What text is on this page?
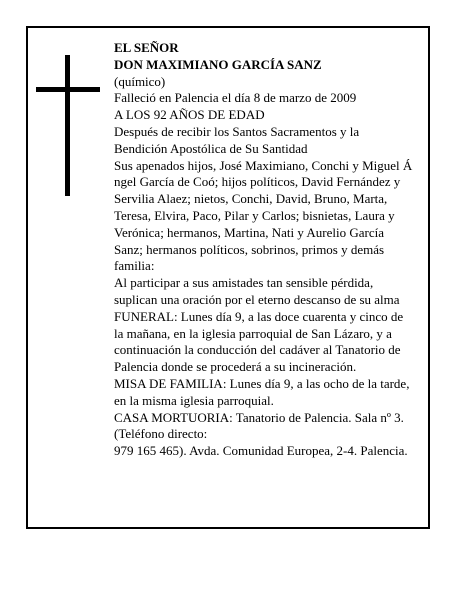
EL SEÑOR

DON MAXIMIANO GARCÍA SANZ

(químico)

Falleció en Palencia el día 8 de marzo de 2009

A LOS 92 AÑOS DE EDAD

Después de recibir los Santos Sacramentos y la Bendición Apostólica de Su Santidad

Sus apenados hijos, José Maximiano, Conchi y Miguel Á ngel García de Coó; hijos políticos, David Fernández y Servilia Alaez; nietos, Conchi, David, Bruno, Marta, Teresa, Elvira, Paco, Pilar y Carlos; bisnietas, Laura y Verónica; hermanos, Martina, Nati y Aurelio García Sanz; hermanos políticos, sobrinos, primos y demás familia:

Al participar a sus amistades tan sensible pérdida, suplican una oración por el eterno descanso de su alma

FUNERAL: Lunes día 9, a las doce cuarenta y cinco de la mañana, en la iglesia parroquial de San Lázaro, y a continuación la conducción del cadáver al Tanatorio de Palencia donde se procederá a su incineración.

MISA DE FAMILIA: Lunes día 9, a las ocho de la tarde, en la misma iglesia parroquial.

CASA MORTUORIA: Tanatorio de Palencia. Sala nº 3. (Teléfono directo:

979 165 465). Avda. Comunidad Europea, 2-4. Palencia.
